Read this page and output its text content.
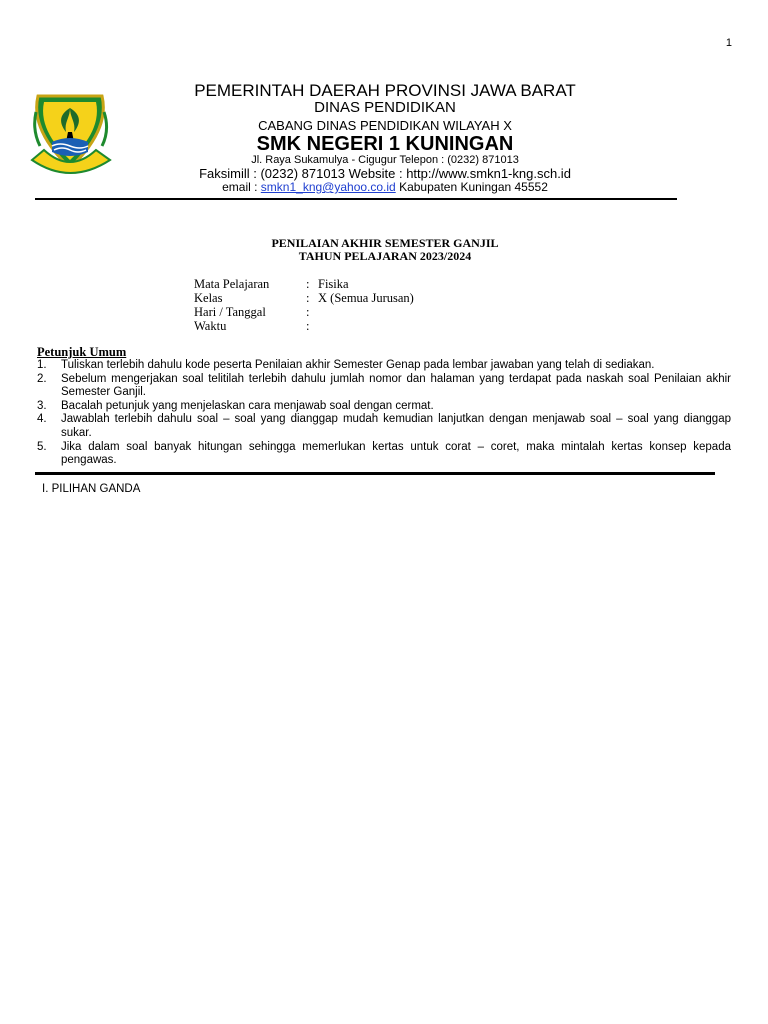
1
PEMERINTAH DAERAH PROVINSI JAWA BARAT
DINAS PENDIDIKAN
CABANG DINAS PENDIDIKAN WILAYAH X
SMK NEGERI 1 KUNINGAN
Jl. Raya Sukamulya - Cigugur Telepon : (0232) 871013
Faksimill : (0232) 871013 Website : http://www.smkn1-kng.sch.id
email : smkn1_kng@yahoo.co.id Kabupaten Kuningan 45552
PENILAIAN AKHIR SEMESTER GANJIL
TAHUN PELAJARAN 2023/2024
Mata Pelajaran	: Fisika
Kelas	: X (Semua Jurusan)
Hari / Tanggal	:
Waktu	:
Petunjuk Umum
1.	Tuliskan terlebih dahulu kode peserta Penilaian akhir Semester Genap pada lembar jawaban yang telah di sediakan.
2.	Sebelum mengerjakan soal telitilah terlebih dahulu jumlah nomor dan halaman yang terdapat pada naskah soal Penilaian akhir Semester Ganjil.
3.	Bacalah petunjuk yang menjelaskan cara menjawab soal dengan cermat.
4.	Jawablah terlebih dahulu soal – soal yang dianggap mudah kemudian lanjutkan dengan menjawab soal – soal yang dianggap sukar.
5.	Jika dalam soal banyak hitungan sehingga memerlukan kertas untuk corat – coret, maka mintalah kertas konsep kepada pengawas.
I. PILIHAN GANDA
